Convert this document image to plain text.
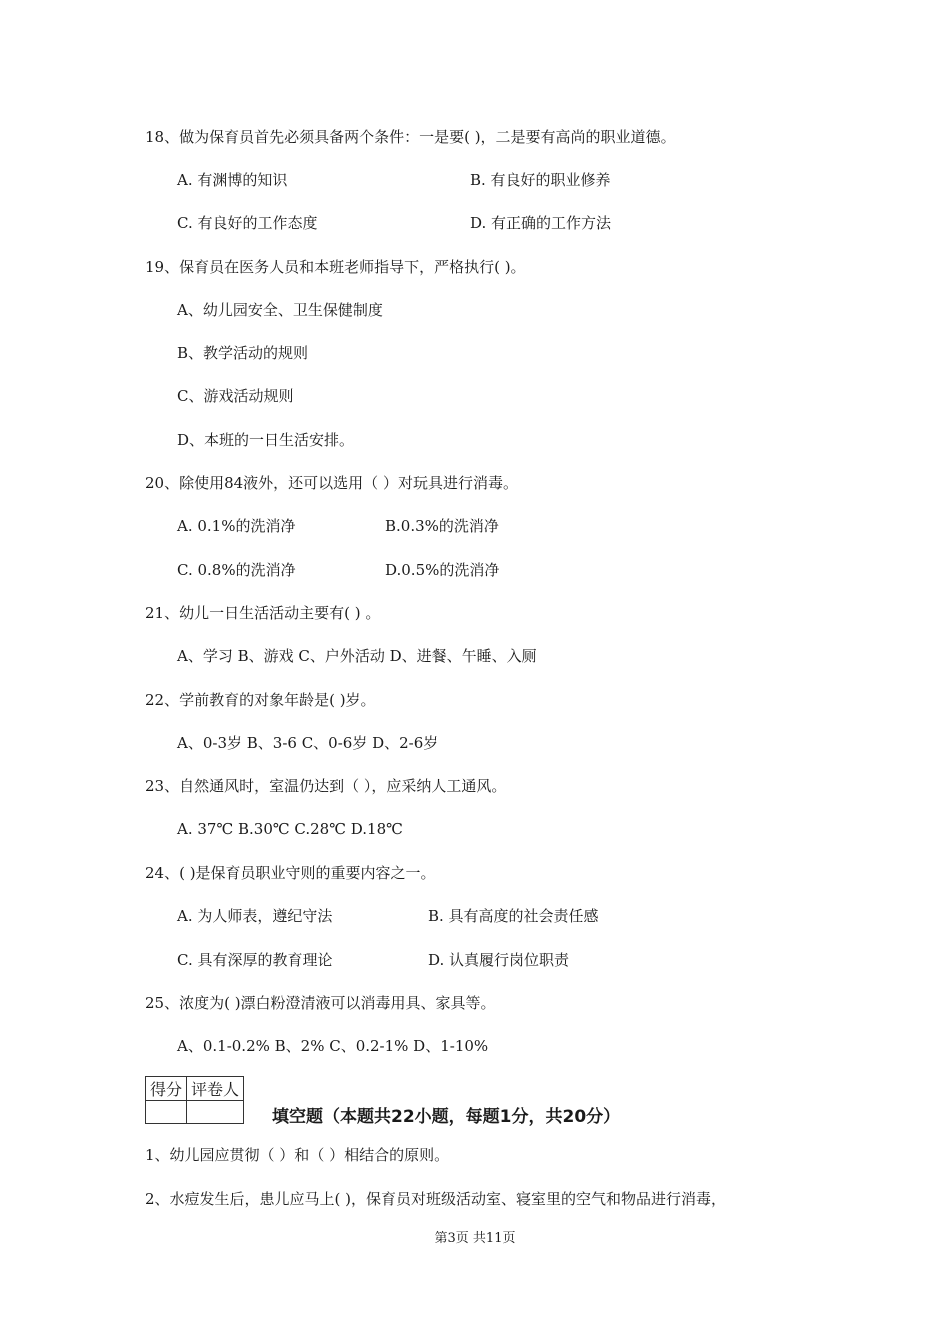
18、做为保育员首先必须具备两个条件：一是要( )，二是要有高尚的职业道德。
A. 有渊博的知识	B. 有良好的职业修养
C. 有良好的工作态度	D. 有正确的工作方法
19、保育员在医务人员和本班老师指导下，严格执行( )。
A、幼儿园安全、卫生保健制度
B、教学活动的规则
C、游戏活动规则
D、本班的一日生活安排。
20、除使用84液外，还可以选用（ ）对玩具进行消毒。
A. 0.1%的洗消净	B.0.3%的洗消净
C. 0.8%的洗消净	D.0.5%的洗消净
21、幼儿一日生活活动主要有( ) 。
A、学习 B、游戏 C、户外活动 D、进餐、午睡、入厕
22、学前教育的对象年龄是( )岁。
A、0-3岁 B、3-6 C、0-6岁 D、2-6岁
23、自然通风时，室温仍达到（ ），应采纳人工通风。
A. 37℃ B.30℃ C.28℃ D.18℃
24、( )是保育员职业守则的重要内容之一。
A. 为人师表，遵纪守法	B. 具有高度的社会责任感
C. 具有深厚的教育理论	D. 认真履行岗位职责
25、浓度为( )漂白粉澄清液可以消毒用具、家具等。
A、0.1-0.2% B、2% C、0.2-1% D、1-10%
得分	评卷人

填空题（本题共22小题，每题1分，共20分）
1、幼儿园应贯彻（ ）和（ ）相结合的原则。
2、水痘发生后，患儿应马上( )，保育员对班级活动室、寝室里的空气和物品进行消毒，
第3页 共11页
